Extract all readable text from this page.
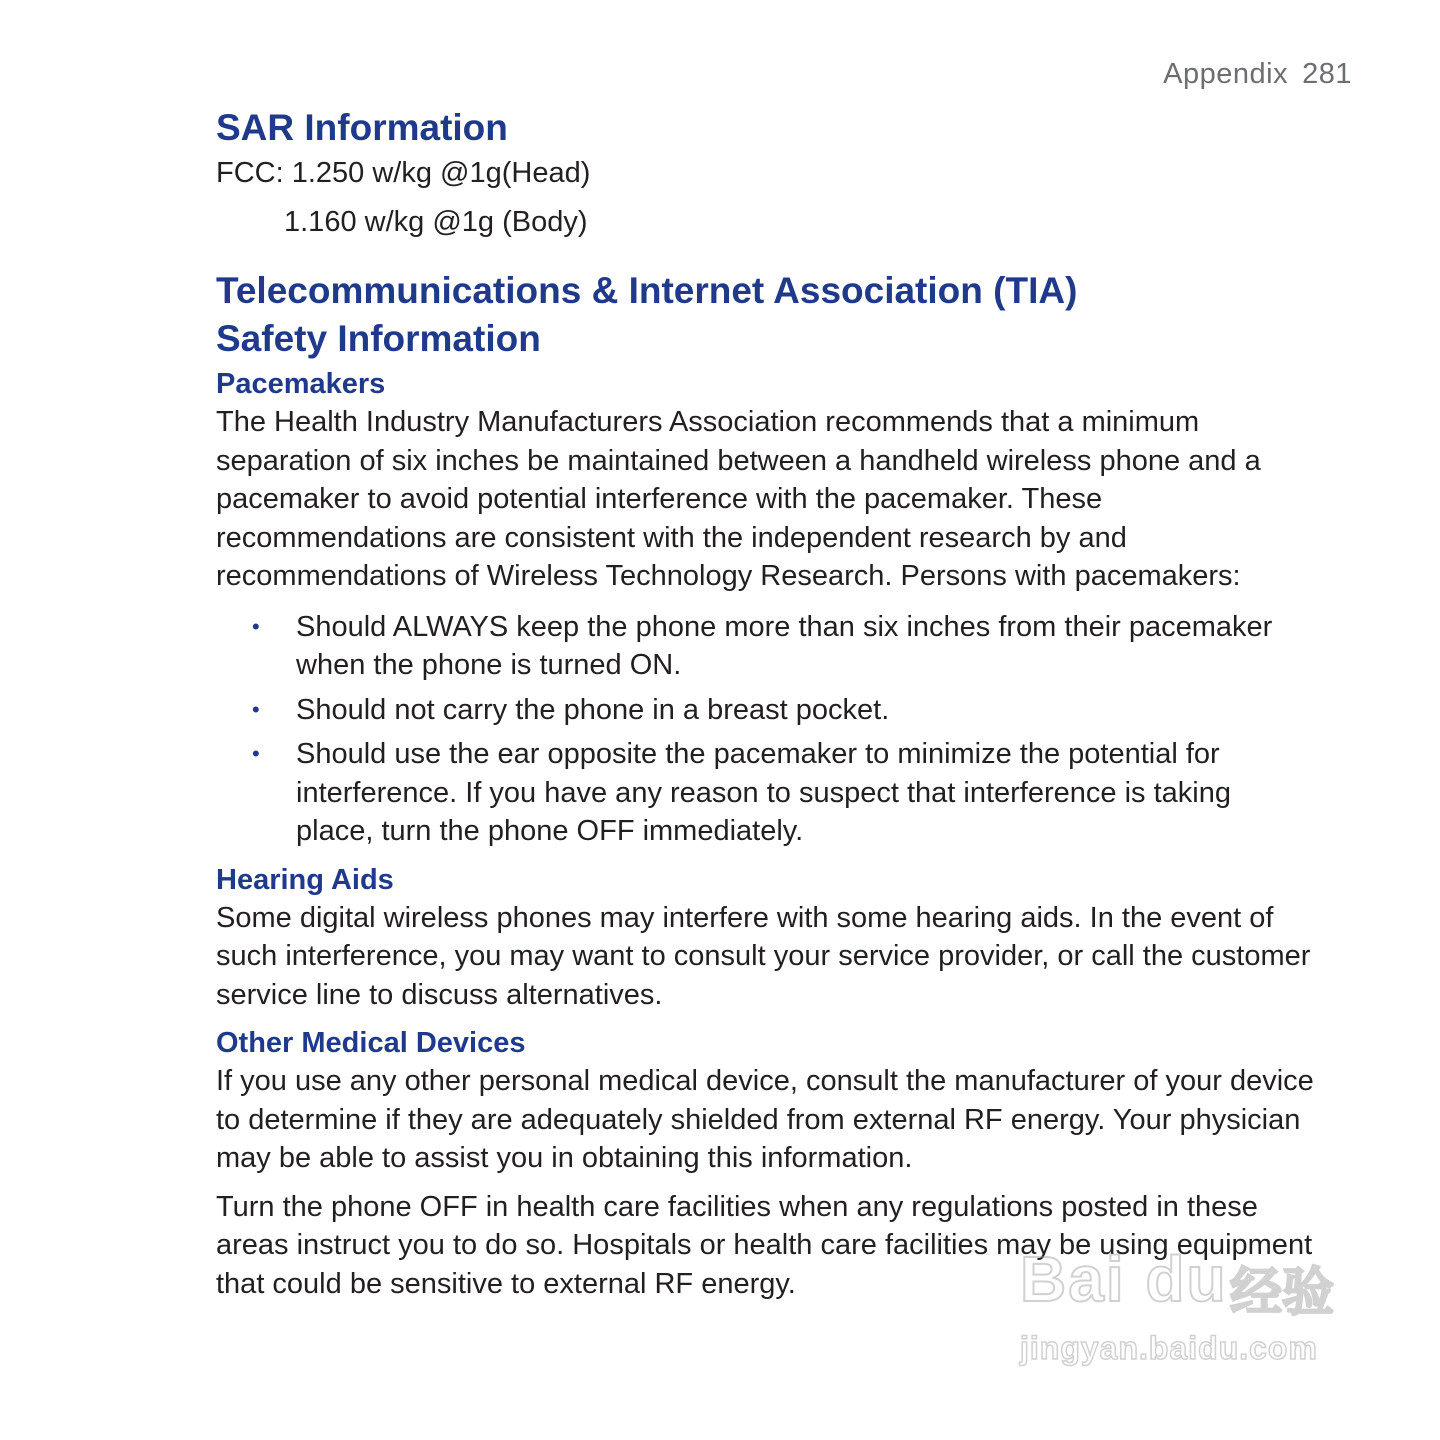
Appendix 281
SAR Information

FCC: 1.250 w/kg @1g(Head)

1.160 w/kg @1g (Body)

Telecommunications & Internet Association (TIA)
Safety Information
Pacemakers

The Health Industry Manufacturers Association recommends that a minimum separation of six inches be maintained between a handheld wireless phone and a pacemaker to avoid potential interference with the pacemaker. These recommendations are consistent with the independent research by and recommendations of Wireless Technology Research. Persons with pacemakers:

• Should ALWAYS keep the phone more than six inches from their pacemaker when the phone is turned ON.
• Should not carry the phone in a breast pocket.
• Should use the ear opposite the pacemaker to minimize the potential for interference. If you have any reason to suspect that interference is taking place, turn the phone OFF immediately.
Hearing Aids

Some digital wireless phones may interfere with some hearing aids. In the event of such interference, you may want to consult your service provider, or call the customer service line to discuss alternatives.

Other Medical Devices

If you use any other personal medical device, consult the manufacturer of your device to determine if they are adequately shielded from external RF energy. Your physician may be able to assist you in obtaining this information.

Turn the phone OFF in health care facilities when any regulations posted in these areas instruct you to do so. Hospitals or health care facilities may be using equipment that could be sensitive to external RF energy.	Bai du 经验
jingyan.baidu.com
